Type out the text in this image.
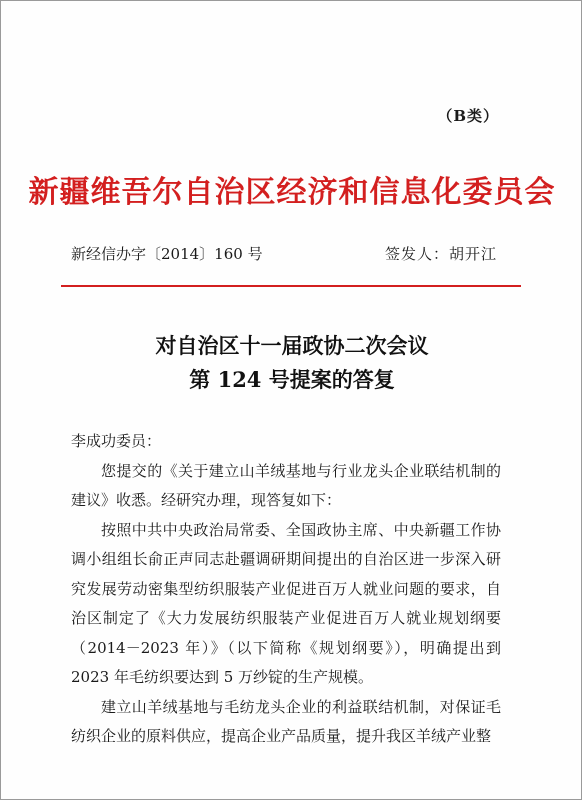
（B类）
新疆维吾尔自治区经济和信息化委员会
新经信办字〔2014〕160 号	签发人：胡开江
对自治区十一届政协二次会议
第 124 号提案的答复

李成功委员：

您提交的《关于建立山羊绒基地与行业龙头企业联结机制的建议》收悉。经研究办理，现答复如下：

按照中共中央政治局常委、全国政协主席、中央新疆工作协调小组组长俞正声同志赴疆调研期间提出的自治区进一步深入研究发展劳动密集型纺织服装产业促进百万人就业问题的要求，自治区制定了《大力发展纺织服装产业促进百万人就业规划纲要（2014－2023 年）》（以下简称《规划纲要》），明确提出到 2023 年毛纺织要达到 5 万纱锭的生产规模。

建立山羊绒基地与毛纺龙头企业的利益联结机制，对保证毛纺织企业的原料供应，提高企业产品质量，提升我区羊绒产业整
